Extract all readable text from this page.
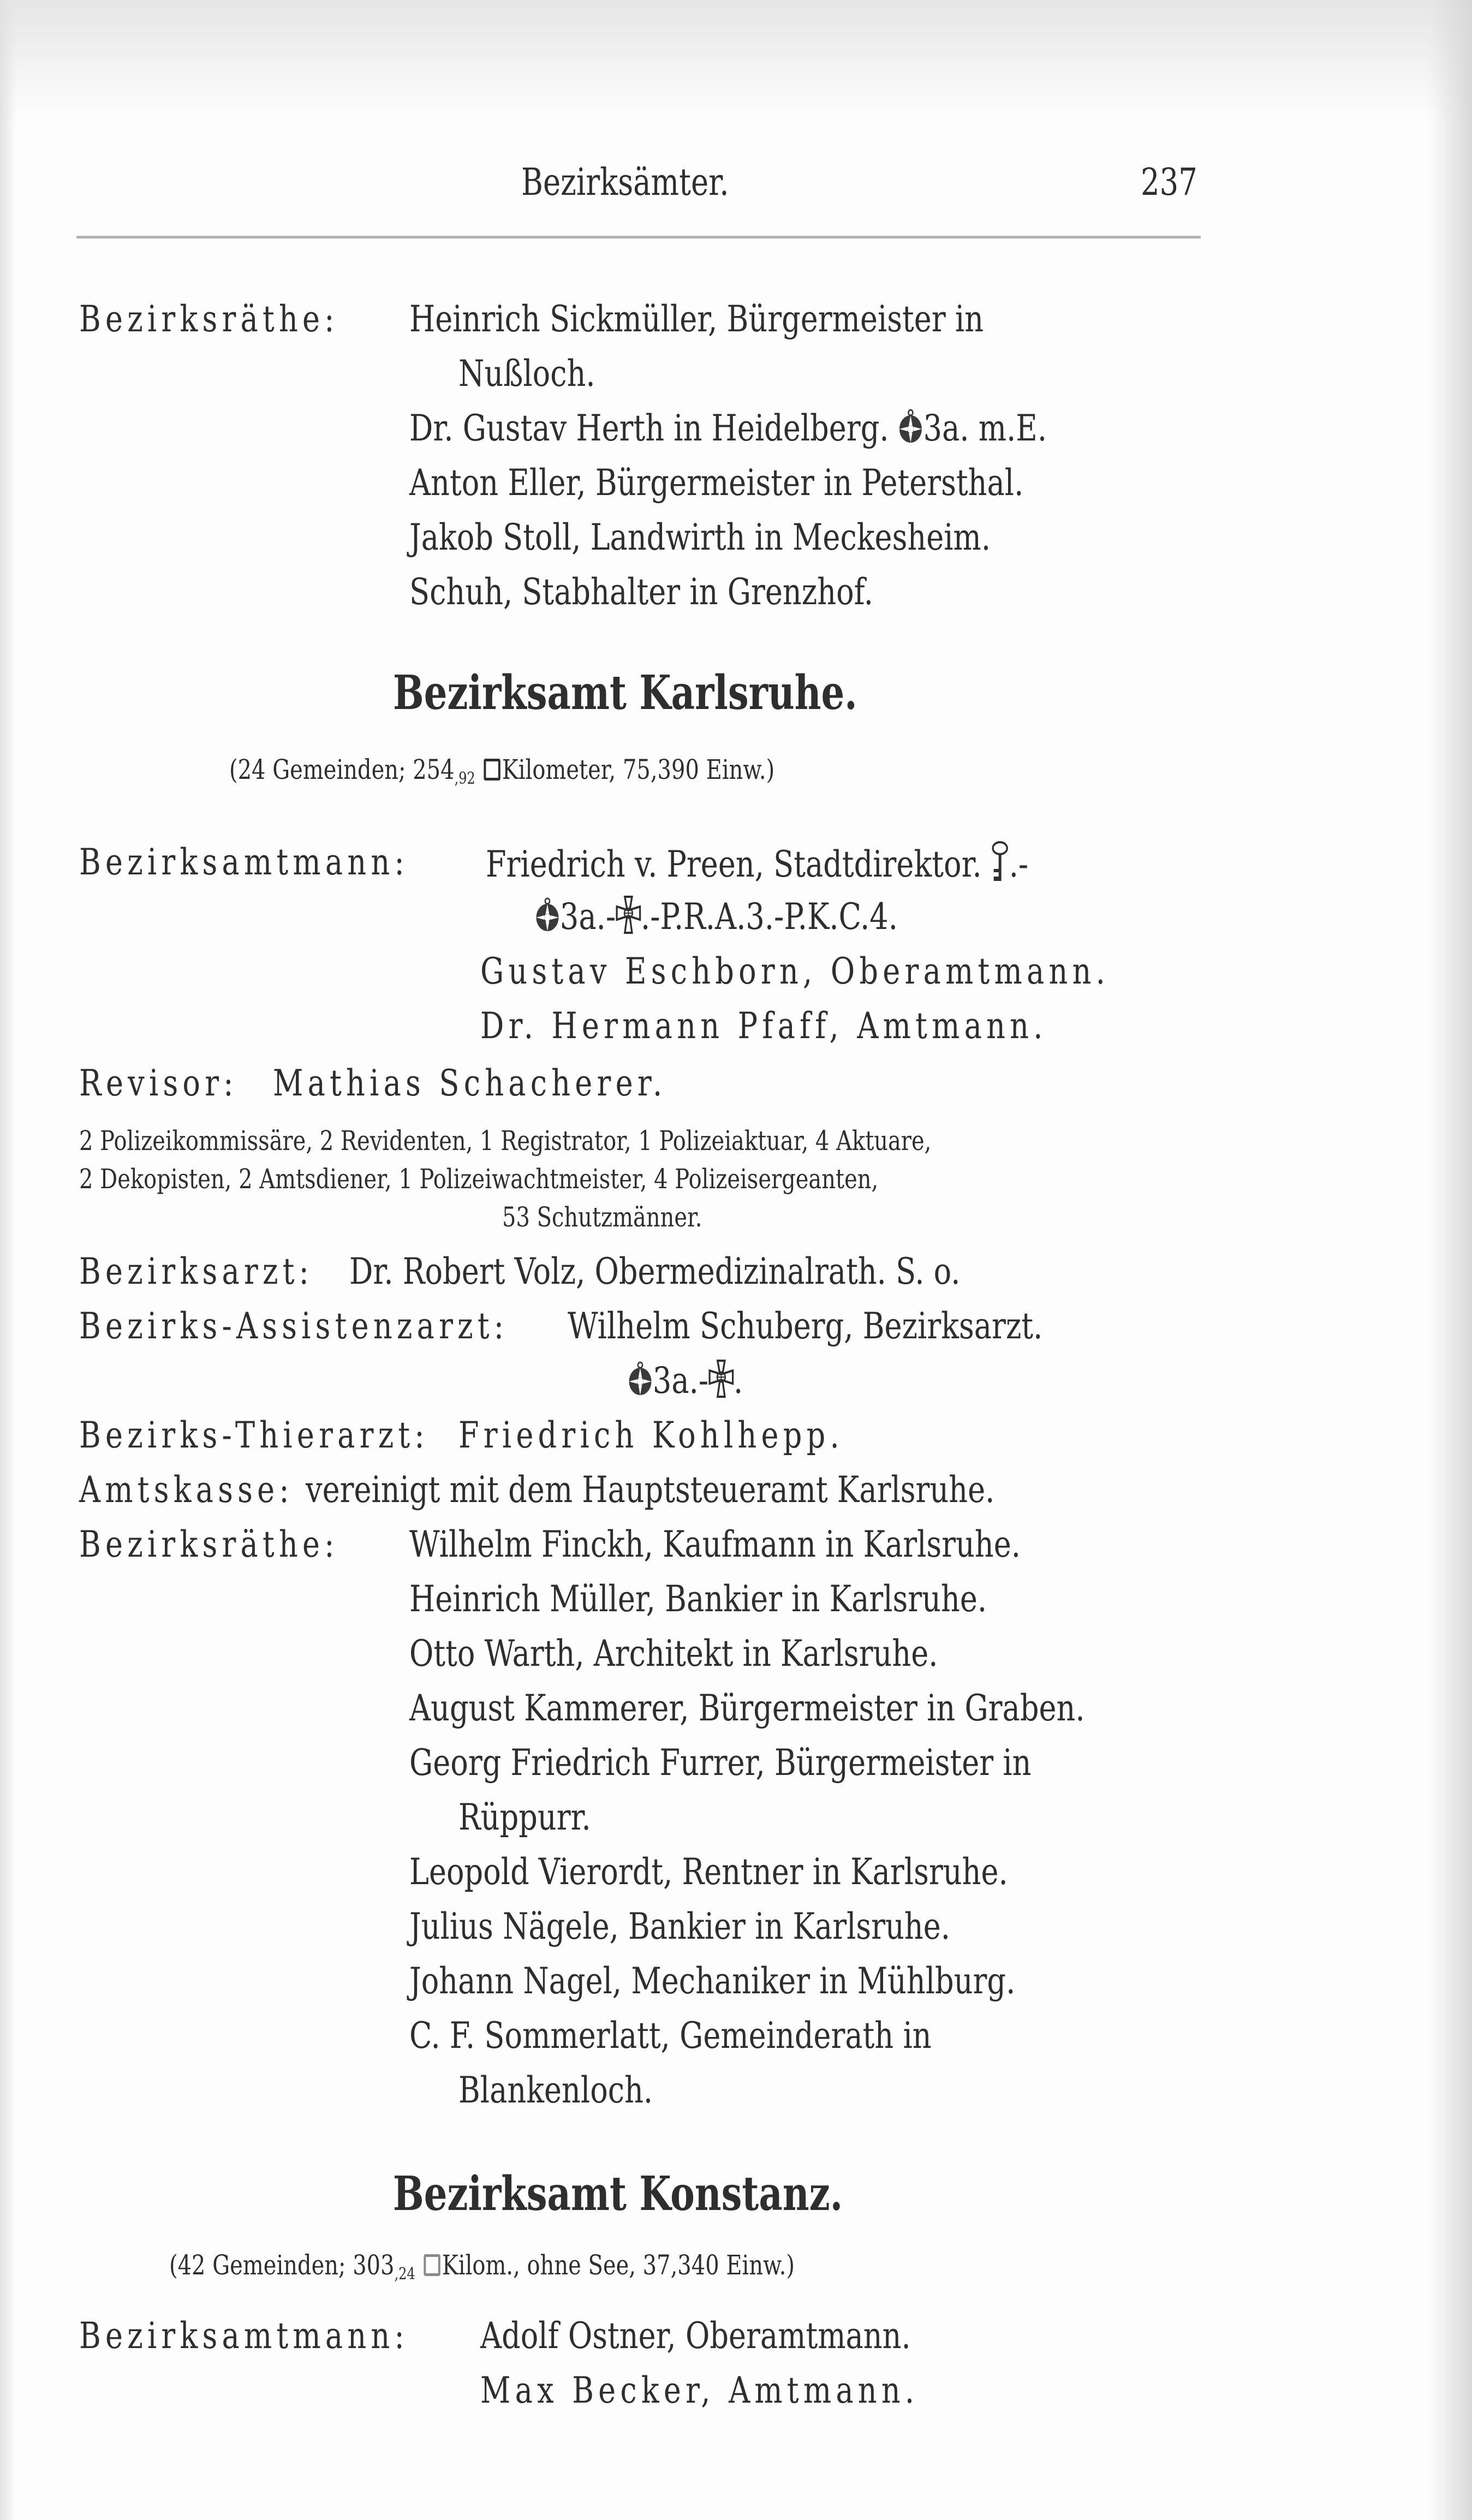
Bezirksämter.	237
Bezirksräthe: Heinrich Sickmüller, Bürgermeister in
Nußloch.
Dr. Gustav Herth in Heidelberg. 3a. m.E.
Anton Eller, Bürgermeister in Petersthal.
Jakob Stoll, Landwirth in Meckesheim.
Schuh, Stabhalter in Grenzhof.
Bezirksamt Karlsruhe.
(24 Gemeinden; $254_{,92}$ Kilometer, 75,390 Einw.)
Bezirksamtmann: Friedrich v. Preen, Stadtdirektor. .-
3a.- .-P.R.A.3.-P.K.C.4.
Gustav Eschborn, Oberamtmann.
Dr. Hermann Pfaff, Amtmann.
Revisor: Mathias Schacherer.
2 Polizeikommissäre, 2 Revidenten, 1 Registrator, 1 Polizeiaktuar, 4 Aktuare,
2 Dekopisten, 2 Amtsdiener, 1 Polizeiwachtmeister, 4 Polizeisergeanten,
53 Schutzmänner.
Bezirksarzt: Dr. Robert Volz, Obermedizinalrath. S. o.
Bezirks-Assistenzarzt: Wilhelm Schuberg, Bezirksarzt.
3a.- .
Bezirks-Thierarzt: Friedrich Kohlhepp.
Amtskasse: vereinigt mit dem Hauptsteueramt Karlsruhe.
Bezirksräthe: Wilhelm Finckh, Kaufmann in Karlsruhe.
Heinrich Müller, Bankier in Karlsruhe.
Otto Warth, Architekt in Karlsruhe.
August Kammerer, Bürgermeister in Graben.
Georg Friedrich Furrer, Bürgermeister in
Rüppurr.
Leopold Vierordt, Rentner in Karlsruhe.
Julius Nägele, Bankier in Karlsruhe.
Johann Nagel, Mechaniker in Mühlburg.
C. F. Sommerlatt, Gemeinderath in
Blankenloch.
Bezirksamt Konstanz.
(42 Gemeinden; $303_{,24}$ Kilom., ohne See, 37,340 Einw.)
Bezirksamtmann: Adolf Ostner, Oberamtmann.
Max Becker, Amtmann.
